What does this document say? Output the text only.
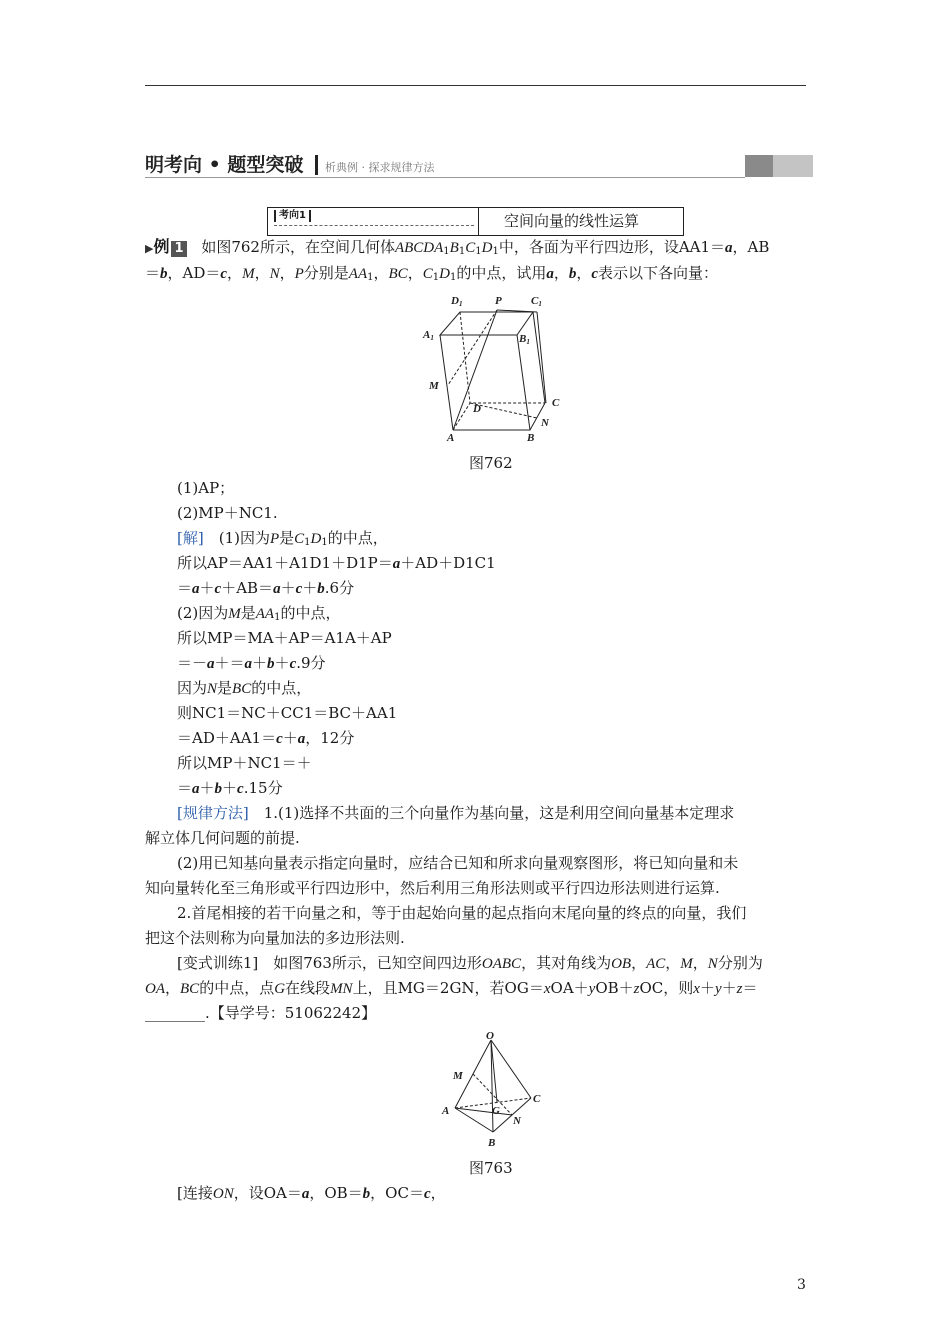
明考向 • 题型突破 析典例 · 探求规律方法
考向1	空间向量的线性运算
▶例 1 如图762所示，在空间几何体$ABCDA_1B_1C_1D_1$中，各面为平行四边形，设AA1＝a，AB
＝b，AD＝c，M，N，P分别是$AA_1$，BC，$C_1D_1$的中点，试用a，b，c表示以下各向量：
D1	P	C1
A1	B1
M
D	C
N
A	B
图762
(1)AP；
(2)MP＋NC1.
[解]　(1)因为P是$C_1D_1$的中点，
所以AP＝AA1＋A1D1＋D1P＝a＋AD＋D1C1
＝a＋c＋AB＝a＋c＋b.6分
(2)因为M是$AA_1$的中点，
所以MP＝MA＋AP＝A1A＋AP
＝－a＋＝a＋b＋c.9分
因为N是BC的中点，
则NC1＝NC＋CC1＝BC＋AA1
＝AD＋AA1＝c＋a，12分
所以MP＋NC1＝＋
＝a＋b＋c.15分
[规律方法]　1.(1)选择不共面的三个向量作为基向量，这是利用空间向量基本定理求
解立体几何问题的前提.
(2)用已知基向量表示指定向量时，应结合已知和所求向量观察图形，将已知向量和未
知向量转化至三角形或平行四边形中，然后利用三角形法则或平行四边形法则进行运算.
2.首尾相接的若干向量之和，等于由起始向量的起点指向末尾向量的终点的向量，我们
把这个法则称为向量加法的多边形法则.
[变式训练1]　如图763所示，已知空间四边形OABC，其对角线为OB，AC，M，N分别为
OA，BC的中点，点G在线段MN上，且MG＝2GN，若OG＝xOA＋yOB＋zOC，则x＋y＋z＝
________.【导学号：51062242】
O
M
C
A	G
N
B
图763
[连接ON，设OA＝a，OB＝b，OC＝c，
3
